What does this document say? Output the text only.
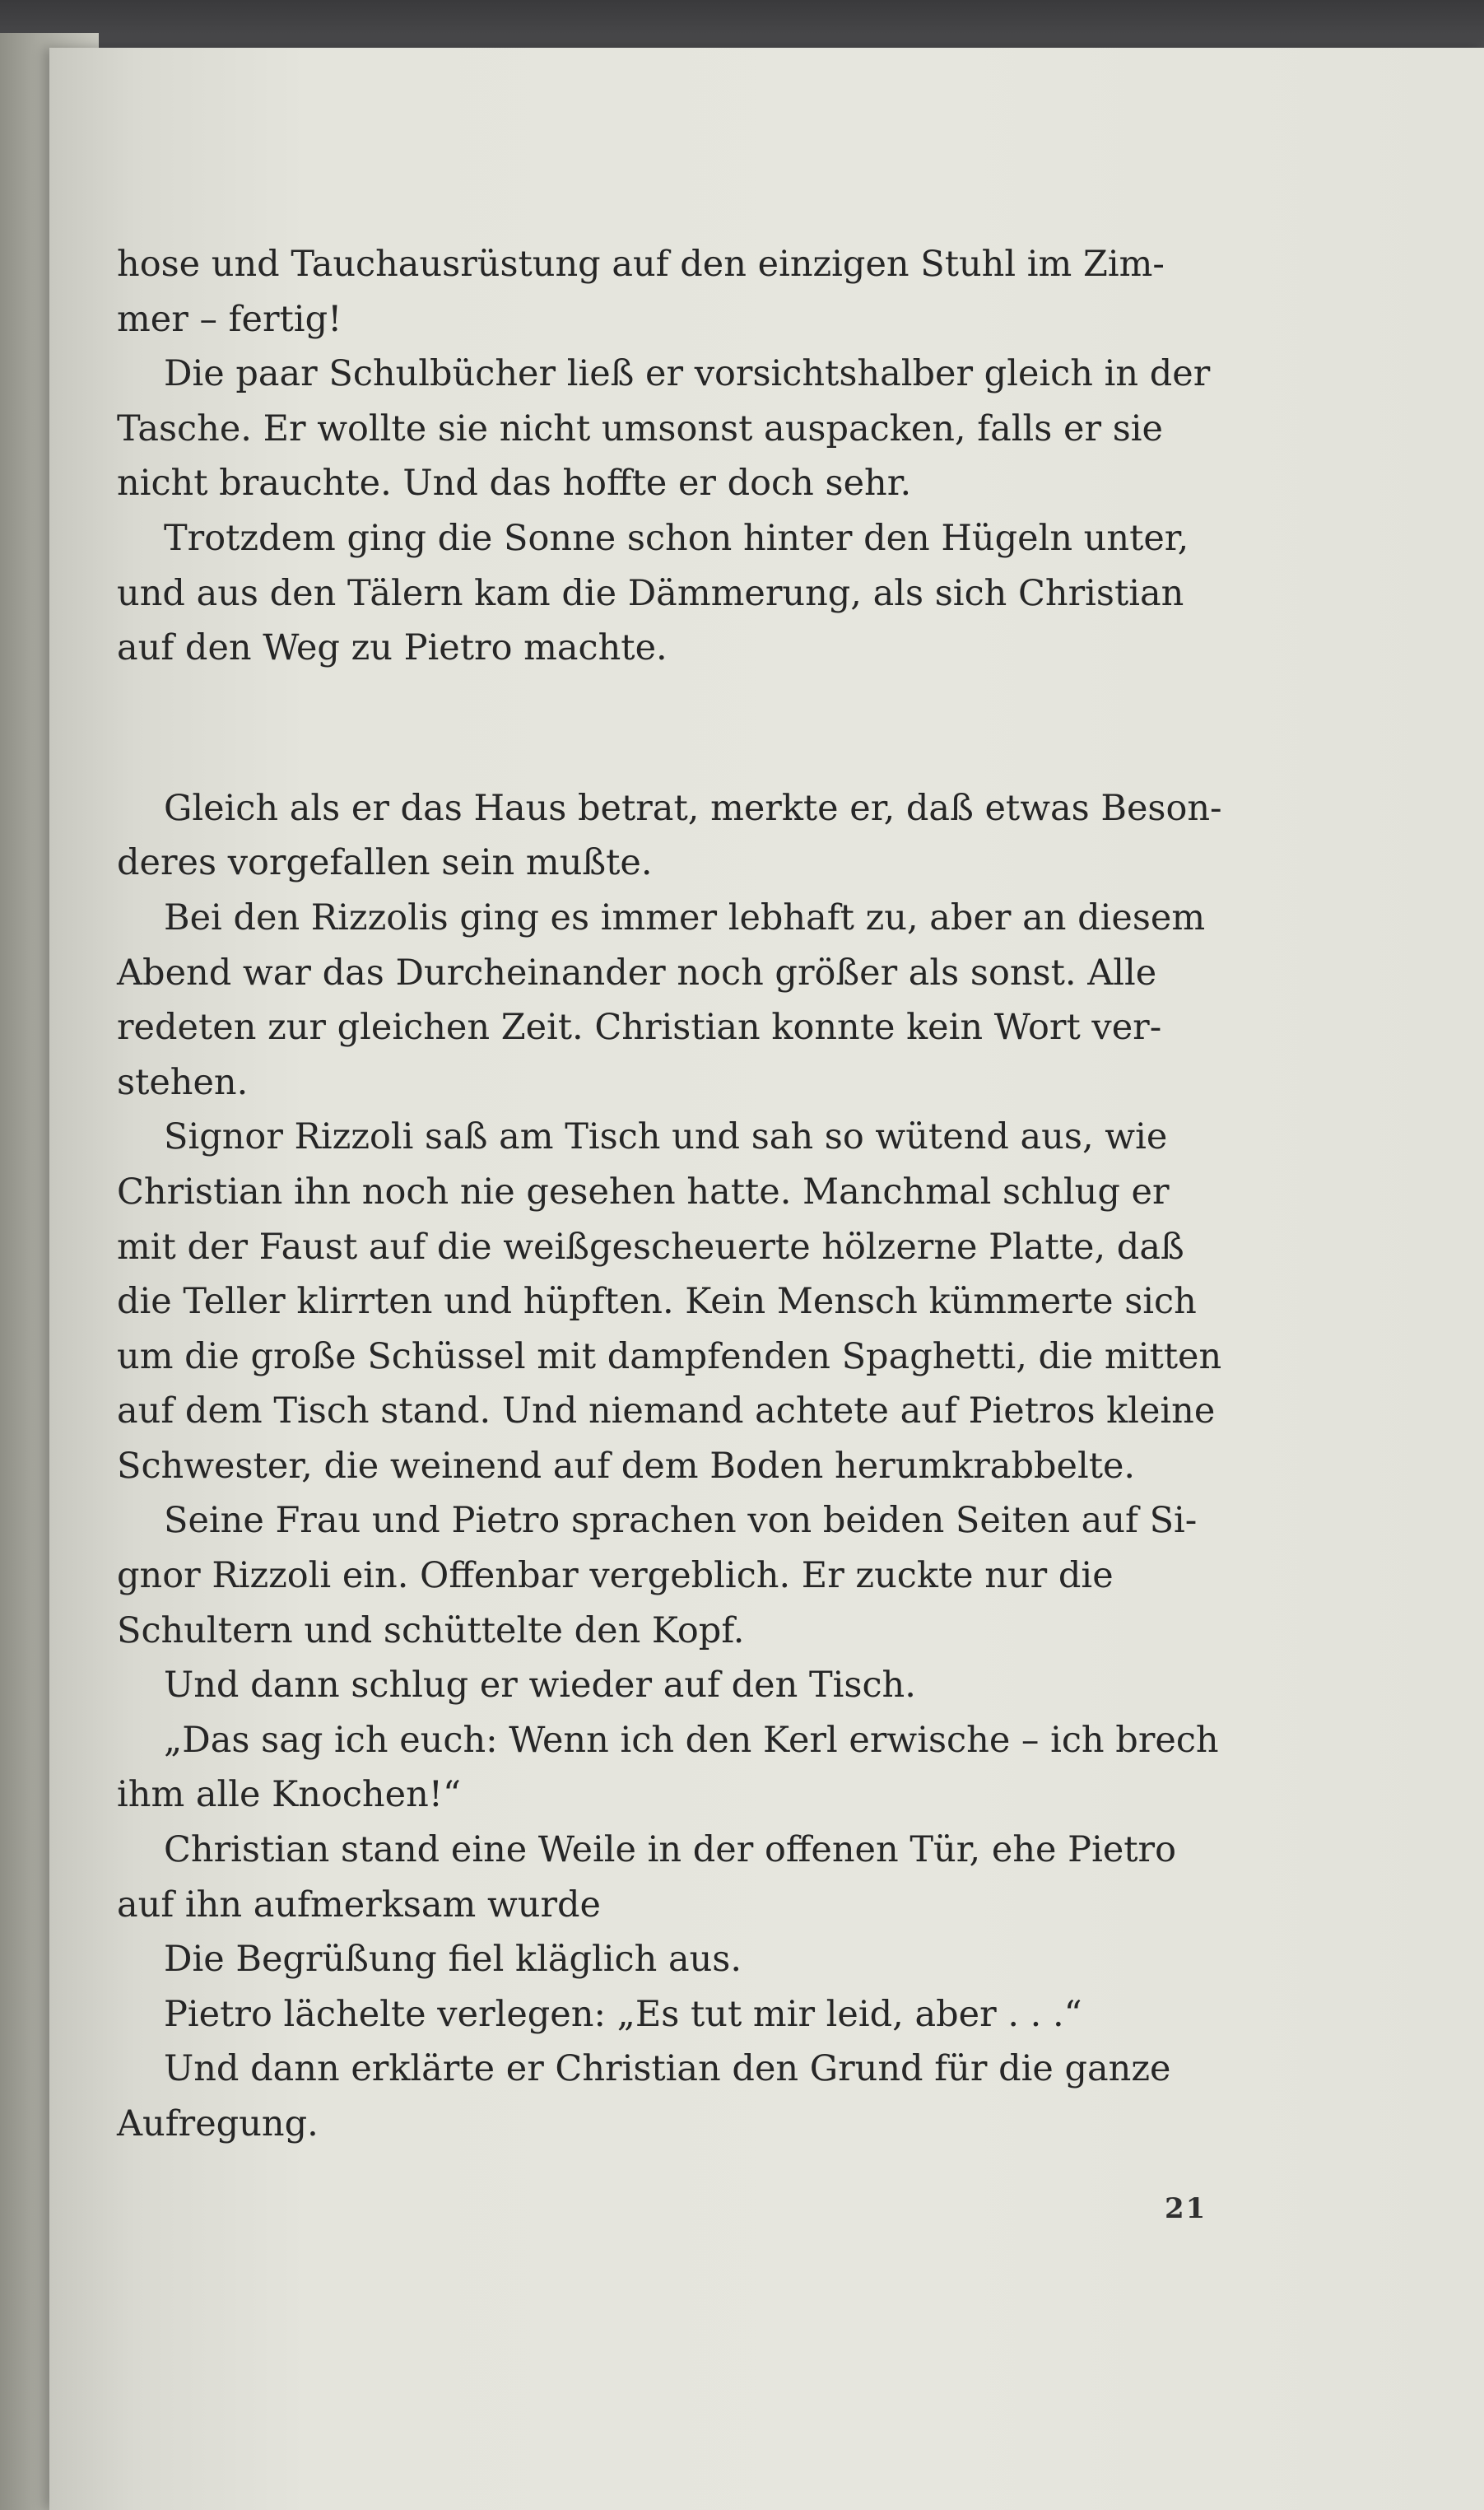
hose und Tauchausrüstung auf den einzigen Stuhl im Zim-
mer – fertig!
Die paar Schulbücher ließ er vorsichtshalber gleich in der
Tasche. Er wollte sie nicht umsonst auspacken, falls er sie
nicht brauchte. Und das hoffte er doch sehr.
Trotzdem ging die Sonne schon hinter den Hügeln unter,
und aus den Tälern kam die Dämmerung, als sich Christian
auf den Weg zu Pietro machte.
Gleich als er das Haus betrat, merkte er, daß etwas Beson-
deres vorgefallen sein mußte.
Bei den Rizzolis ging es immer lebhaft zu, aber an diesem
Abend war das Durcheinander noch größer als sonst. Alle
redeten zur gleichen Zeit. Christian konnte kein Wort ver-
stehen.
Signor Rizzoli saß am Tisch und sah so wütend aus, wie
Christian ihn noch nie gesehen hatte. Manchmal schlug er
mit der Faust auf die weißgescheuerte hölzerne Platte, daß
die Teller klirrten und hüpften. Kein Mensch kümmerte sich
um die große Schüssel mit dampfenden Spaghetti, die mitten
auf dem Tisch stand. Und niemand achtete auf Pietros kleine
Schwester, die weinend auf dem Boden herumkrabbelte.
Seine Frau und Pietro sprachen von beiden Seiten auf Si-
gnor Rizzoli ein. Offenbar vergeblich. Er zuckte nur die
Schultern und schüttelte den Kopf.
Und dann schlug er wieder auf den Tisch.
„Das sag ich euch: Wenn ich den Kerl erwische – ich brech
ihm alle Knochen!“
Christian stand eine Weile in der offenen Tür, ehe Pietro
auf ihn aufmerksam wurde
Die Begrüßung fiel kläglich aus.
Pietro lächelte verlegen: „Es tut mir leid, aber . . .“
Und dann erklärte er Christian den Grund für die ganze
Aufregung.
21
